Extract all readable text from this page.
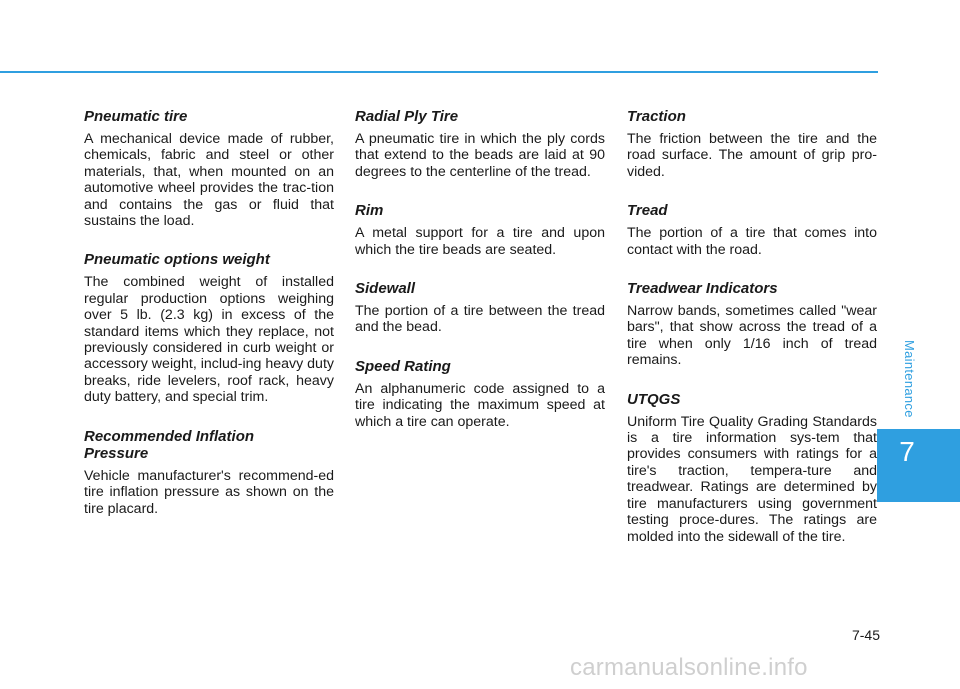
Pneumatic tire

A mechanical device made of rubber, chemicals, fabric and steel or other materials, that, when mounted on an automotive wheel provides the trac-tion and contains the gas or fluid that sustains the load.

Pneumatic options weight

The combined weight of installed regular production options weighing over 5 lb. (2.3 kg) in excess of the standard items which they replace, not previously considered in curb weight or accessory weight, includ-ing heavy duty breaks, ride levelers, roof rack, heavy duty battery, and special trim.

Recommended Inflation Pressure

Vehicle manufacturer's recommend-ed tire inflation pressure as shown on the tire placard.

Radial Ply Tire

A pneumatic tire in which the ply cords that extend to the beads are laid at 90 degrees to the centerline of the tread.

Rim

A metal support for a tire and upon which the tire beads are seated.

Sidewall

The portion of a tire between the tread and the bead.

Speed Rating

An alphanumeric code assigned to a tire indicating the maximum speed at which a tire can operate.

Traction

The friction between the tire and the road surface. The amount of grip pro-vided.

Tread

The portion of a tire that comes into contact with the road.

Treadwear Indicators

Narrow bands, sometimes called "wear bars", that show across the tread of a tire when only 1/16 inch of tread remains.

UTQGS

Uniform Tire Quality Grading Standards is a tire information sys-tem that provides consumers with ratings for a tire's traction, tempera-ture and treadwear. Ratings are determined by tire manufacturers using government testing proce-dures. The ratings are molded into the sidewall of the tire.

Maintenance
7
7-45
carmanualsonline.info
